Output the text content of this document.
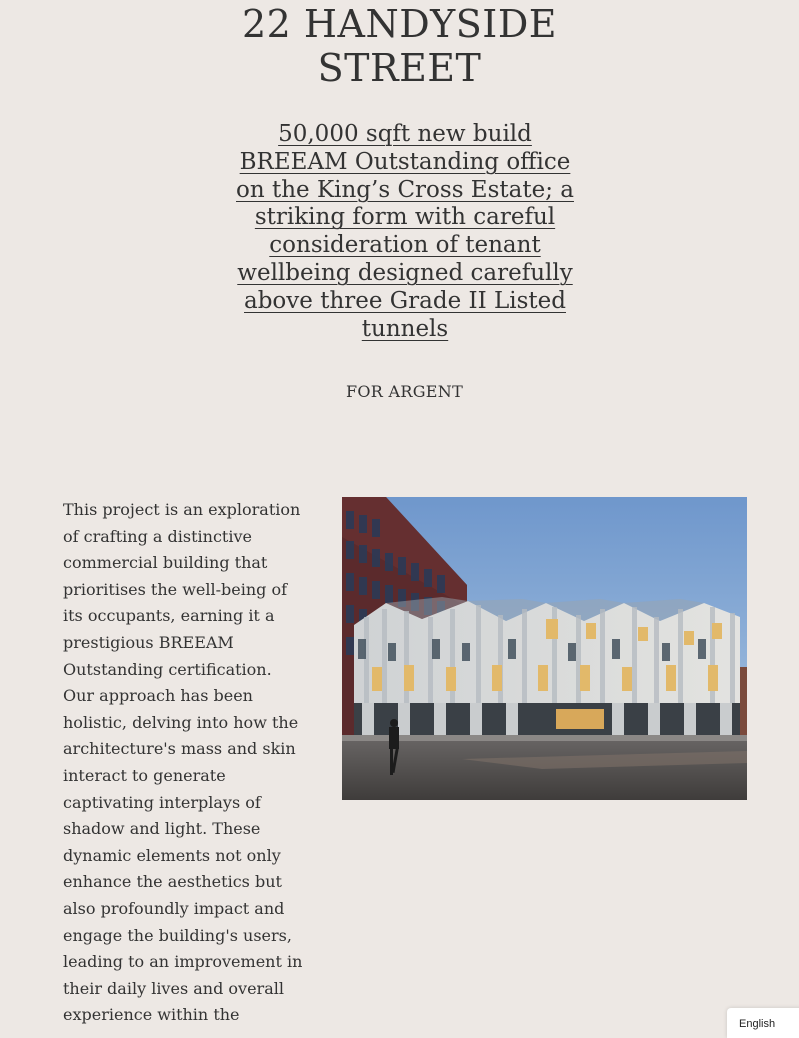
22 HANDYSIDE
STREET
50,000 sqft new build BREEAM Outstanding office on the King’s Cross Estate; a striking form with careful consideration of tenant wellbeing designed carefully above three Grade II Listed tunnels
FOR ARGENT

This project is an exploration of crafting a distinctive commercial building that prioritises the well-being of its occupants, earning it a prestigious BREEAM Outstanding certification. Our approach has been holistic, delving into how the architecture's mass and skin interact to generate captivating interplays of shadow and light. These dynamic elements not only enhance the aesthetics but also profoundly impact and engage the building's users, leading to an improvement in their daily lives and overall experience within the	English
